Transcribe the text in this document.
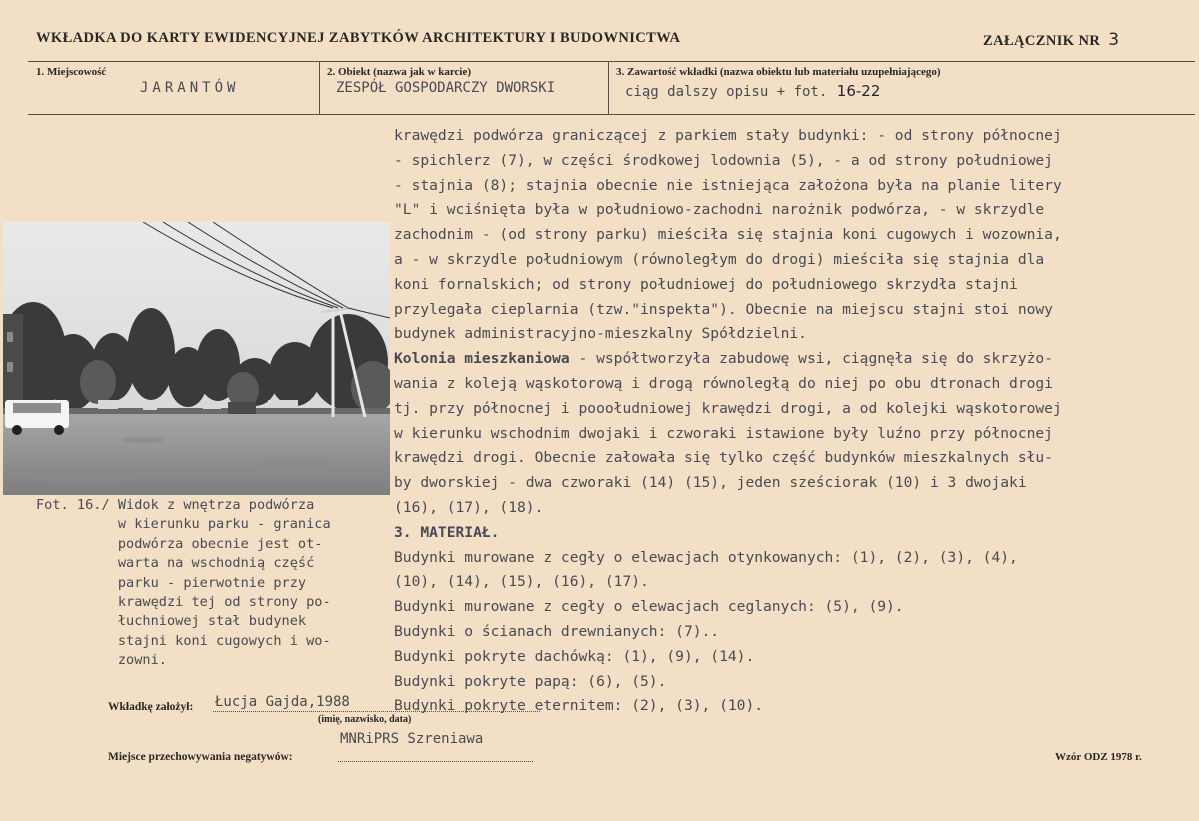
WKŁADKA DO KARTY EWIDENCYJNEJ ZABYTKÓW ARCHITEKTURY I BUDOWNICTWA	ZAŁĄCZNIK NR 3
1. Miejscowość
JARANTÓW
2. Obiekt (nazwa jak w karcie)
ZESPÓŁ GOSPODARCZY DWORSKI
3. Zawartość wkładki (nazwa obiektu lub materiału uzupełniającego)
ciąg dalszy opisu + fot. 16-22
krawędzi podwórza graniczącej z parkiem stały budynki: - od strony północnej
- spichlerz (7), w części środkowej lodownia (5), - a od strony południowej
- stajnia (8); stajnia obecnie nie istniejąca założona była na planie litery
"L" i wciśnięta była w południowo-zachodni narożnik podwórza, - w skrzydle
zachodnim - (od strony parku) mieściła się stajnia koni cugowych i wozownia,
a - w skrzydle południowym (równoległym do drogi) mieściła się stajnia dla
koni fornalskich; od strony południowej do południowego skrzydła stajni
przylegała cieplarnia (tzw."inspekta"). Obecnie na miejscu stajni stoi nowy
budynek administracyjno-mieszkalny Spółdzielni.
Kolonia mieszkaniowa - współtworzyła zabudowę wsi, ciągnęła się do skrzyżo-
wania z koleją wąskotorową i drogą równoległą do niej po obu dtronach drogi
tj. przy północnej i pooołudniowej krawędzi drogi, a od kolejki wąskotorowej
w kierunku wschodnim dwojaki i czworaki istawione były luźno przy północnej
krawędzi drogi. Obecnie załowała się tylko część budynków mieszkalnych słu-
by dworskiej - dwa czworaki (14) (15), jeden sześciorak (10) i 3 dwojaki
(16), (17), (18).
3. MATERIAŁ.
Budynki murowane z cegły o elewacjach otynkowanych: (1), (2), (3), (4),
(10), (14), (15), (16), (17).
Budynki murowane z cegły o elewacjach ceglanych: (5), (9).
Budynki o ścianach drewnianych: (7)..
Budynki pokryte dachówką: (1), (9), (14).
Budynki pokryte papą: (6), (5).
Budynki pokryte eternitem: (2), (3), (10).
Fot. 16./ Widok z wnętrza podwórza
w kierunku parku - granica
podwórza obecnie jest ot-
warta na wschodnią część
parku - pierwotnie przy
krawędzi tej od strony po-
łuchniowej stał budynek
stajni koni cugowych i wo-
zowni.
Wkładkę założył: Łucja Gajda,1988
(imię, nazwisko, data)
MNRiPRS Szreniawa
Miejsce przechowywania negatywów:	Wzór ODZ 1978 r.
